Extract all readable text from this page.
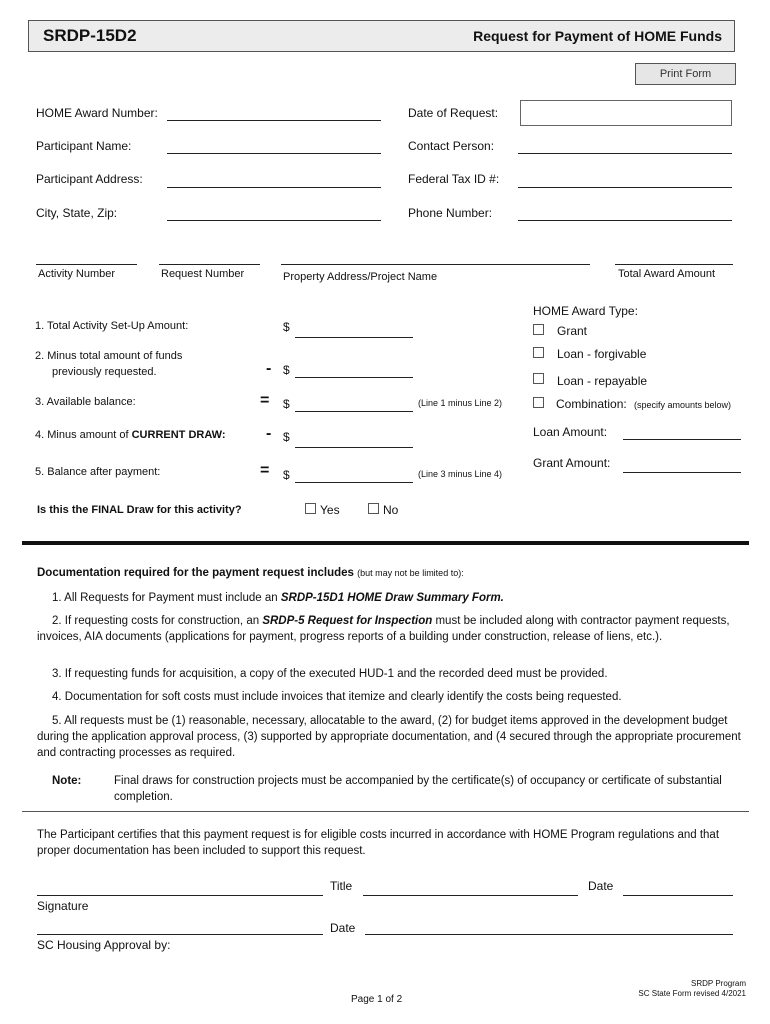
SRDP-15D2	Request for Payment of HOME Funds
Print Form
HOME Award Number:	Date of Request:
Participant Name:	Contact Person:
Participant Address:	Federal Tax ID #:
City, State, Zip:	Phone Number:
Activity Number	Request Number	Property Address/Project Name	Total Award Amount
1. Total Activity Set-Up Amount:	$
2. Minus total amount of funds
previously requested.	- $
3. Available balance:	= $	(Line 1 minus Line 2)
4. Minus amount of CURRENT DRAW:	- $
5. Balance after payment:	= $	(Line 3 minus Line 4)
HOME Award Type:
Grant
Loan - forgivable
Loan - repayable
Combination: (specify amounts below)
Loan Amount:
Grant Amount:
Is this the FINAL Draw for this activity?	Yes	No
Documentation required for the payment request includes (but may not be limited to):
1. All Requests for Payment must include an SRDP-15D1 HOME Draw Summary Form.
2. If requesting costs for construction, an SRDP-5 Request for Inspection must be included along with contractor payment requests, invoices, AIA documents (applications for payment, progress reports of a building under construction, release of liens, etc.).
3. If requesting funds for acquisition, a copy of the executed HUD-1 and the recorded deed must be provided.
4. Documentation for soft costs must include invoices that itemize and clearly identify the costs being requested.
5. All requests must be (1) reasonable, necessary, allocatable to the award, (2) for budget items approved in the development budget during the application approval process, (3) supported by appropriate documentation, and (4 secured through the appropriate procurement and contracting processes as required.
Note:	Final draws for construction projects must be accompanied by the certificate(s) of occupancy or certificate of substantial completion.
The Participant certifies that this payment request is for eligible costs incurred in accordance with HOME Program regulations and that proper documentation has been included to support this request.
Title	Date
Signature
Date
SC Housing Approval by:
Page 1 of 2
SRDP Program
SC State Form revised 4/2021
